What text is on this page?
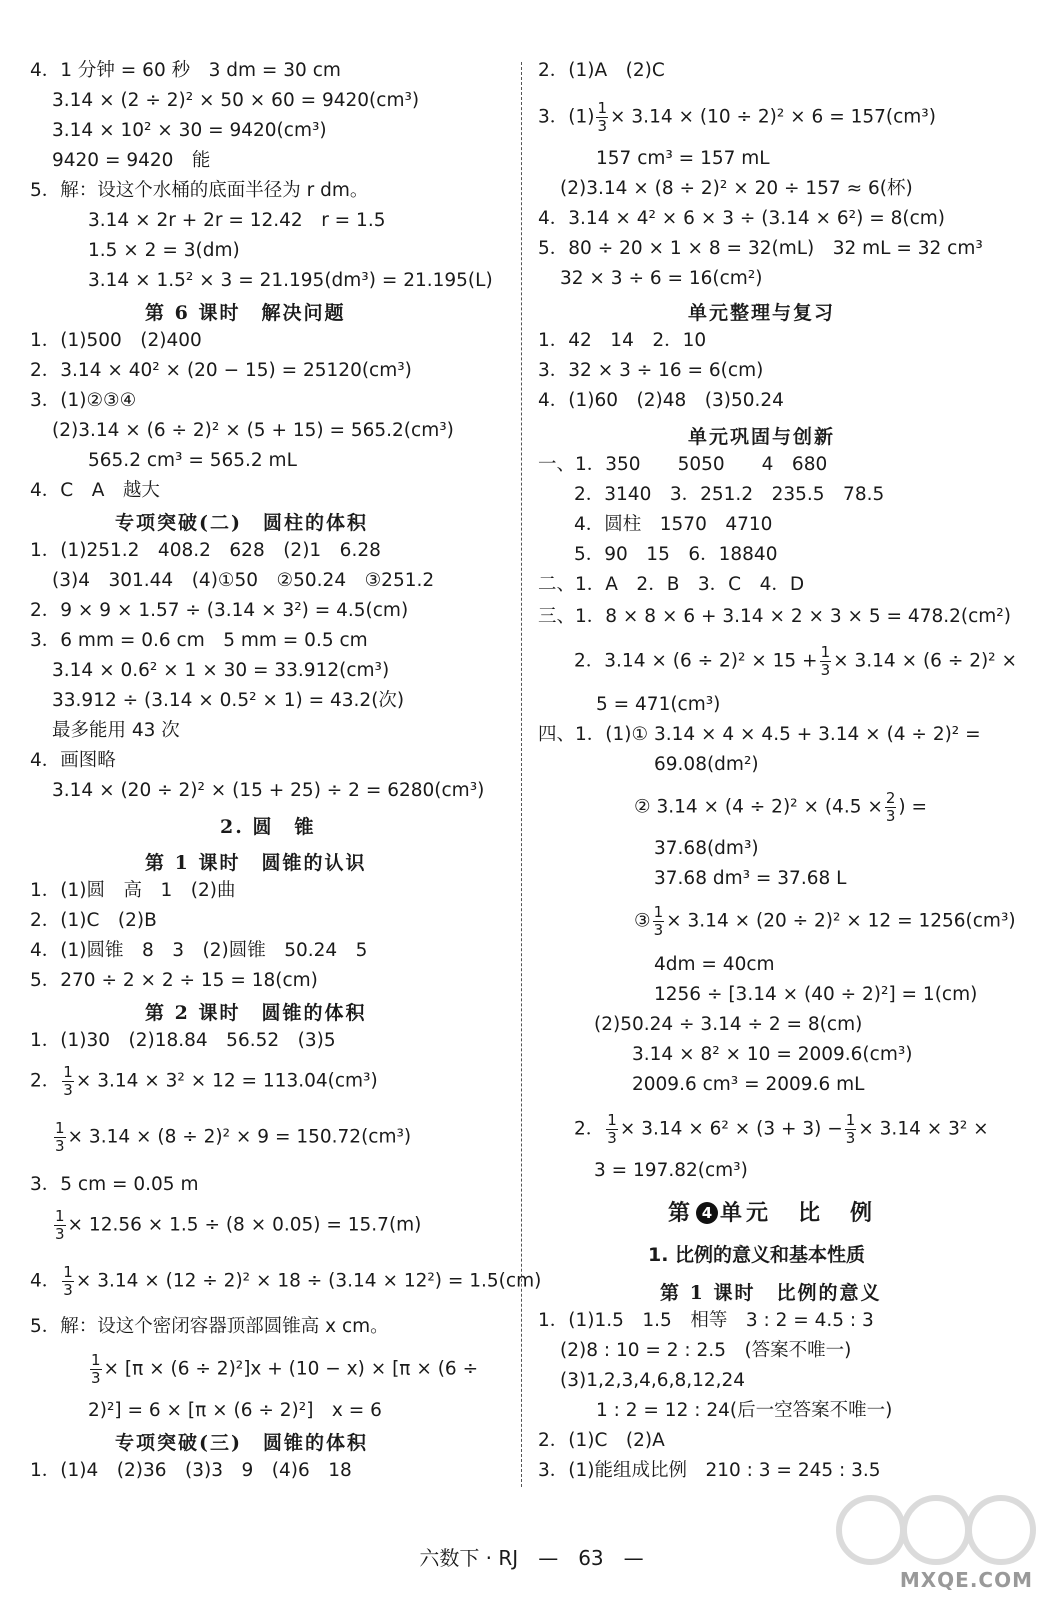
4．1 分钟 = 60 秒　3 dm = 30 cm
3.14 × (2 ÷ 2)² × 50 × 60 = 9420(cm³)
3.14 × 10² × 30 = 9420(cm³)
9420 = 9420　能
5．解：设这个水桶的底面半径为 r dm。
3.14 × 2r + 2r = 12.42　r = 1.5
1.5 × 2 = 3(dm)
3.14 × 1.5² × 3 = 21.195(dm³) = 21.195(L)
第 6 课时　解决问题
1．(1)500　(2)400
2．3.14 × 40² × (20 − 15) = 25120(cm³)
3．(1)②③④
(2)3.14 × (6 ÷ 2)² × (5 + 15) = 565.2(cm³)
565.2 cm³ = 565.2 mL
4．C　A　越大
专项突破(二)　圆柱的体积
1．(1)251.2　408.2　628　(2)1　6.28
(3)4　301.44　(4)①50　②50.24　③251.2
2．9 × 9 × 1.57 ÷ (3.14 × 3²) = 4.5(cm)
3．6 mm = 0.6 cm　5 mm = 0.5 cm
3.14 × 0.6² × 1 × 30 = 33.912(cm³)
33.912 ÷ (3.14 × 0.5² × 1) = 43.2(次)
最多能用 43 次
4．画图略
3.14 × (20 ÷ 2)² × (15 + 25) ÷ 2 = 6280(cm³)
2. 圆　锥
第 1 课时　圆锥的认识
1．(1)圆　高　1　(2)曲
2．(1)C　(2)B
4．(1)圆锥　8　3　(2)圆锥　50.24　5
5．270 ÷ 2 × 2 ÷ 15 = 18(cm)
第 2 课时　圆锥的体积
1．(1)30　(2)18.84　56.52　(3)5
2． $\frac{1}{3} \times 3.14 \times 3^2 \times 12 = 113.04(cm^3)$
$\frac{1}{3} \times 3.14 \times (8 \div 2)^2 \times 9 = 150.72(cm^3)$
3．5 cm = 0.05 m
$\frac{1}{3} \times 12.56 \times 1.5 \div (8 \times 0.05) = 15.7(m)$
4． $\frac{1}{3} \times 3.14 \times (12 \div 2)^2 \times 18 \div (3.14 \times 12^2) = 1.5(cm)$
5．解：设这个密闭容器顶部圆锥高 x cm。
$\frac{1}{3} \times [\pi \times (6 \div 2)^2]x + (10 - x) \times [\pi \times (6$ ÷
2)²] = 6 × [π × (6 ÷ 2)²]　x = 6
专项突破(三)　圆锥的体积
1．(1)4　(2)36　(3)3　9　(4)6　18
2．(1)A　(2)C
3．$(1) \frac{1}{3} \times 3.14 \times (10 \div 2)^2 \times 6 = 157(cm^3)$
157 cm³ = 157 mL
(2)3.14 × (8 ÷ 2)² × 20 ÷ 157 ≈ 6(杯)
4．3.14 × 4² × 6 × 3 ÷ (3.14 × 6²) = 8(cm)
5．80 ÷ 20 × 1 × 8 = 32(mL)　32 mL = 32 cm³
32 × 3 ÷ 6 = 16(cm²)
单元整理与复习
1．42　14　2．10
3．32 × 3 ÷ 16 = 6(cm)
4．(1)60　(2)48　(3)50.24
单元巩固与创新
一、1．350　　5050　　4　680
2．3140　3．251.2　235.5　78.5
4．圆柱　1570　4710
5．90　15　6．18840
二、1．A　2．B　3．C　4．D
三、1．8 × 8 × 6 + 3.14 × 2 × 3 × 5 = 478.2(cm²)
2．$3.14 \times (6 \div 2)^2 \times 15 + \frac{1}{3} \times 3.14 \times (6 \div 2)^2$ ×
5 = 471(cm³)
四、1．(1)① 3.14 × 4 × 4.5 + 3.14 × (4 ÷ 2)² =
69.08(dm²)
② $3.14 \times (4 \div 2)^2 \times (4.5 \times \frac{2}{3}$ ) =
37.68(dm³)
37.68 dm³ = 37.68 L
③ $\frac{1}{3} \times 3.14 \times (20 \div 2)^2 \times 12 = 1256(cm^3)$
4dm = 40cm
1256 ÷ [3.14 × (40 ÷ 2)²] = 1(cm)
(2)50.24 ÷ 3.14 ÷ 2 = 8(cm)
3.14 × 8² × 10 = 2009.6(cm³)
2009.6 cm³ = 2009.6 mL
2． $\frac{1}{3} \times 3.14 \times 6^2 \times (3 + 3) - \frac{1}{3} \times 3.14 \times 3^2$ ×
3 = 197.82(cm³)
第 4 单元　比　例
1. 比例的意义和基本性质
第 1 课时　比例的意义
1．(1)1.5　1.5　相等　3 : 2 = 4.5 : 3
(2)8 : 10 = 2 : 2.5　(答案不唯一)
(3)1,2,3,4,6,8,12,24
1 : 2 = 12 : 24(后一空答案不唯一)
2．(1)C　(2)A
3．(1)能组成比例　210 : 3 = 245 : 3.5
六数下 · RJ　—　63　—
MXQE.COM
